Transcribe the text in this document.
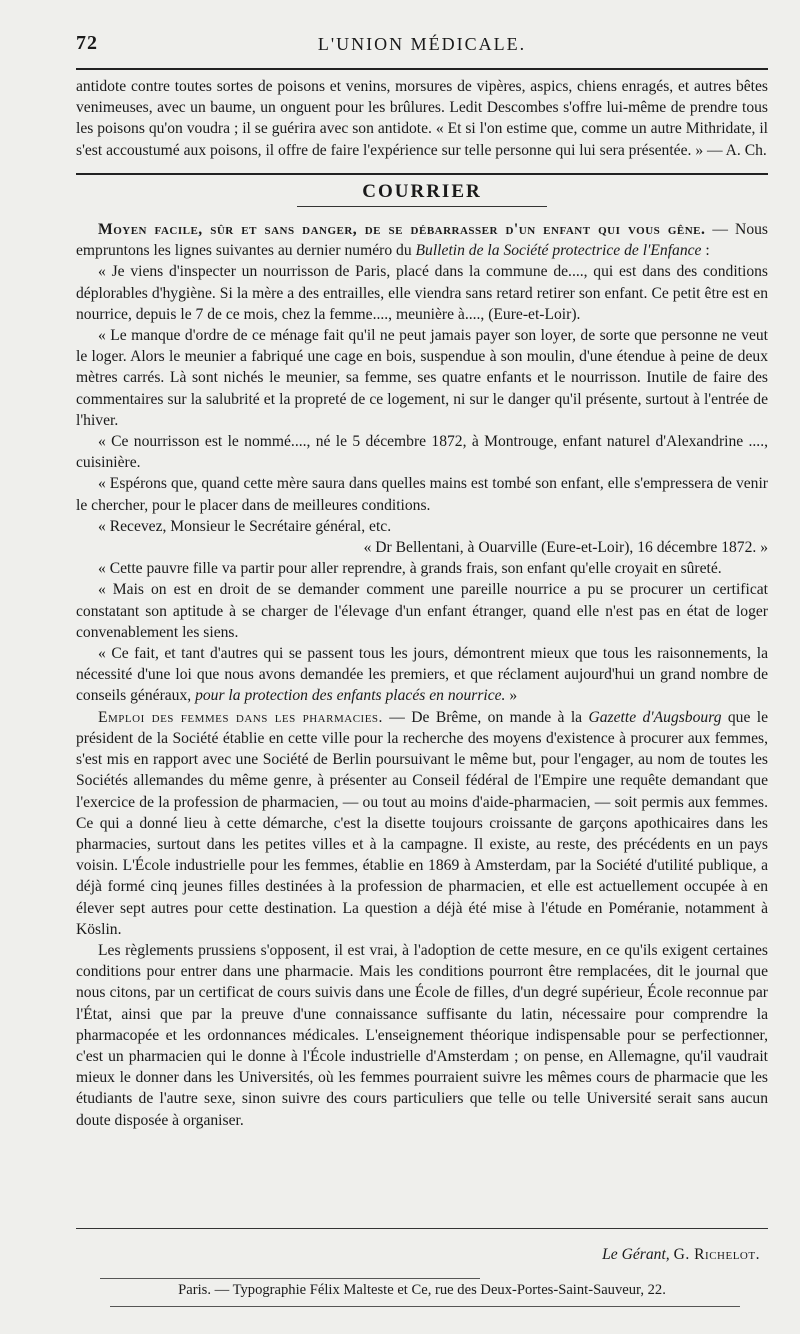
72	L'UNION MÉDICALE.

antidote contre toutes sortes de poisons et venins, morsures de vipères, aspics, chiens enragés, et autres bêtes venimeuses, avec un baume, un onguent pour les brûlures. Ledit Descombes s'offre lui-même de prendre tous les poisons qu'on voudra ; il se guérira avec son antidote. « Et si l'on estime que, comme un autre Mithridate, il s'est accoustumé aux poisons, il offre de faire l'expérience sur telle personne qui lui sera présentée. » — A. Ch.

COURRIER

Moyen facile, sûr et sans danger, de se débarrasser d'un enfant qui vous gêne. — Nous empruntons les lignes suivantes au dernier numéro du Bulletin de la Société protectrice de l'Enfance :

« Je viens d'inspecter un nourrisson de Paris, placé dans la commune de...., qui est dans des conditions déplorables d'hygiène. Si la mère a des entrailles, elle viendra sans retard retirer son enfant. Ce petit être est en nourrice, depuis le 7 de ce mois, chez la femme...., meunière à...., (Eure-et-Loir).

« Le manque d'ordre de ce ménage fait qu'il ne peut jamais payer son loyer, de sorte que personne ne veut le loger. Alors le meunier a fabriqué une cage en bois, suspendue à son moulin, d'une étendue à peine de deux mètres carrés. Là sont nichés le meunier, sa femme, ses quatre enfants et le nourrisson. Inutile de faire des commentaires sur la salubrité et la propreté de ce logement, ni sur le danger qu'il présente, surtout à l'entrée de l'hiver.

« Ce nourrisson est le nommé...., né le 5 décembre 1872, à Montrouge, enfant naturel d'Alexandrine ...., cuisinière.

« Espérons que, quand cette mère saura dans quelles mains est tombé son enfant, elle s'empressera de venir le chercher, pour le placer dans de meilleures conditions.

« Recevez, Monsieur le Secrétaire général, etc.

« Dr Bellentani, à Ouarville (Eure-et-Loir), 16 décembre 1872. »

« Cette pauvre fille va partir pour aller reprendre, à grands frais, son enfant qu'elle croyait en sûreté.

« Mais on est en droit de se demander comment une pareille nourrice a pu se procurer un certificat constatant son aptitude à se charger de l'élevage d'un enfant étranger, quand elle n'est pas en état de loger convenablement les siens.

« Ce fait, et tant d'autres qui se passent tous les jours, démontrent mieux que tous les raisonnements, la nécessité d'une loi que nous avons demandée les premiers, et que réclament aujourd'hui un grand nombre de conseils généraux, pour la protection des enfants placés en nourrice. »

Emploi des femmes dans les pharmacies. — De Brême, on mande à la Gazette d'Augsbourg que le président de la Société établie en cette ville pour la recherche des moyens d'existence à procurer aux femmes, s'est mis en rapport avec une Société de Berlin poursuivant le même but, pour l'engager, au nom de toutes les Sociétés allemandes du même genre, à présenter au Conseil fédéral de l'Empire une requête demandant que l'exercice de la profession de pharmacien, — ou tout au moins d'aide-pharmacien, — soit permis aux femmes. Ce qui a donné lieu à cette démarche, c'est la disette toujours croissante de garçons apothicaires dans les pharmacies, surtout dans les petites villes et à la campagne. Il existe, au reste, des précédents en un pays voisin. L'École industrielle pour les femmes, établie en 1869 à Amsterdam, par la Société d'utilité publique, a déjà formé cinq jeunes filles destinées à la profession de pharmacien, et elle est actuellement occupée à en élever sept autres pour cette destination. La question a déjà été mise à l'étude en Poméranie, notamment à Köslin.

Les règlements prussiens s'opposent, il est vrai, à l'adoption de cette mesure, en ce qu'ils exigent certaines conditions pour entrer dans une pharmacie. Mais les conditions pourront être remplacées, dit le journal que nous citons, par un certificat de cours suivis dans une École de filles, d'un degré supérieur, École reconnue par l'État, ainsi que par la preuve d'une connaissance suffisante du latin, nécessaire pour comprendre la pharmacopée et les ordonnances médicales. L'enseignement théorique indispensable pour se perfectionner, c'est un pharmacien qui le donne à l'École industrielle d'Amsterdam ; on pense, en Allemagne, qu'il vaudrait mieux le donner dans les Universités, où les femmes pourraient suivre les mêmes cours de pharmacie que les étudiants de l'autre sexe, sinon suivre des cours particuliers que telle ou telle Université serait sans aucun doute disposée à organiser.

Le Gérant, G. Richelot.
Paris. — Typographie Félix Malteste et Ce, rue des Deux-Portes-Saint-Sauveur, 22.
